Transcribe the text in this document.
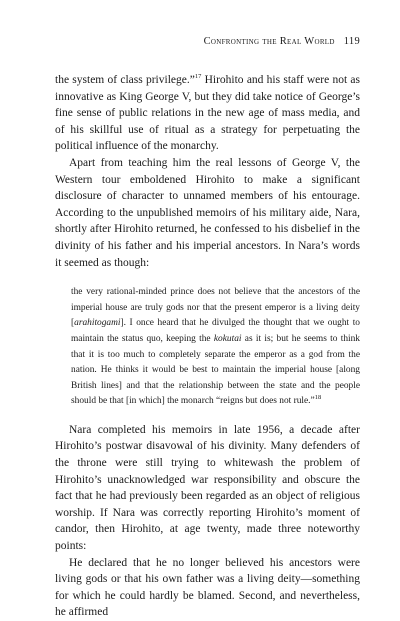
Confronting the Real World 119

the system of class privilege.”$^{17}$ Hirohito and his staff were not as innovative as King George V, but they did take notice of George’s fine sense of public relations in the new age of mass media, and of his skillful use of ritual as a strategy for perpetuating the political influence of the monarchy.

Apart from teaching him the real lessons of George V, the Western tour emboldened Hirohito to make a significant disclosure of character to unnamed members of his entourage. According to the unpublished memoirs of his military aide, Nara, shortly after Hirohito returned, he confessed to his disbelief in the divinity of his father and his imperial ancestors. In Nara’s words it seemed as though:

the very rational-minded prince does not believe that the ancestors of the imperial house are truly gods nor that the present emperor is a living deity [arahitogami]. I once heard that he divulged the thought that we ought to maintain the status quo, keeping the kokutai as it is; but he seems to think that it is too much to completely separate the emperor as a god from the nation. He thinks it would be best to maintain the imperial house [along British lines] and that the relationship between the state and the people should be that [in which] the monarch “reigns but does not rule.”$^{18}$

Nara completed his memoirs in late 1956, a decade after Hirohito’s postwar disavowal of his divinity. Many defenders of the throne were still trying to whitewash the problem of Hirohito’s unacknowledged war responsibility and obscure the fact that he had previously been regarded as an object of religious worship. If Nara was correctly reporting Hirohito’s moment of candor, then Hirohito, at age twenty, made three noteworthy points:

He declared that he no longer believed his ancestors were living gods or that his own father was a living deity—something for which he could hardly be blamed. Second, and nevertheless, he affirmed
